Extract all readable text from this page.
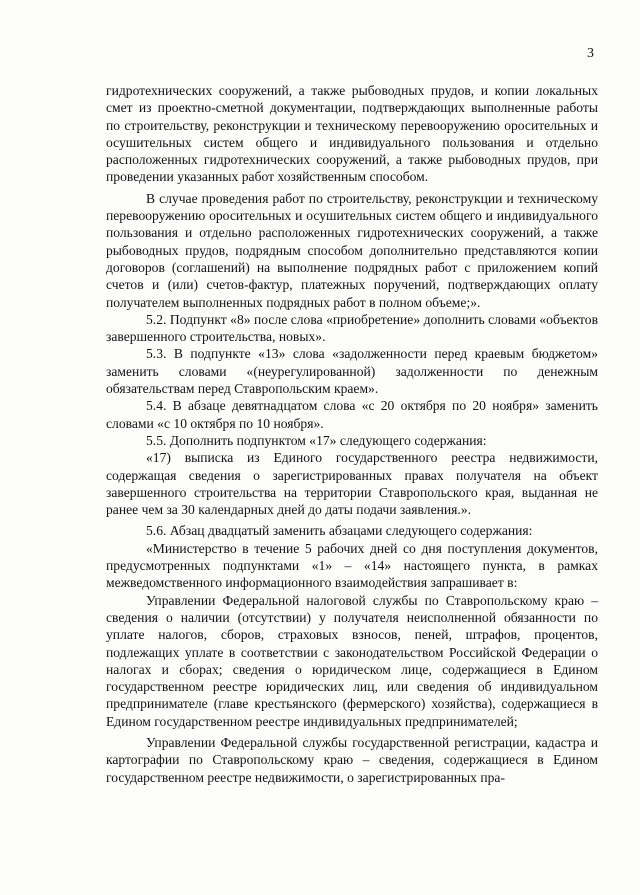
3

гидротехнических сооружений, а также рыбоводных прудов, и копии локальных смет из проектно-сметной документации, подтверждающих выполненные работы по строительству, реконструкции и техническому перевооружению оросительных и осушительных систем общего и индивидуального пользования и отдельно расположенных гидротехнических сооружений, а также рыбоводных прудов, при проведении указанных работ хозяйственным способом.

В случае проведения работ по строительству, реконструкции и техническому перевооружению оросительных и осушительных систем общего и индивидуального пользования и отдельно расположенных гидротехнических сооружений, а также рыбоводных прудов, подрядным способом дополнительно представляются копии договоров (соглашений) на выполнение подрядных работ с приложением копий счетов и (или) счетов-фактур, платежных поручений, подтверждающих оплату получателем выполненных подрядных работ в полном объеме;».

5.2. Подпункт «8» после слова «приобретение» дополнить словами «объектов завершенного строительства, новых».

5.3. В подпункте «13» слова «задолженности перед краевым бюджетом» заменить словами «(неурегулированной) задолженности по денежным обязательствам перед Ставропольским краем».

5.4. В абзаце девятнадцатом слова «с 20 октября по 20 ноября» заменить словами «с 10 октября по 10 ноября».

5.5. Дополнить подпунктом «17» следующего содержания:

«17) выписка из Единого государственного реестра недвижимости, содержащая сведения о зарегистрированных правах получателя на объект завершенного строительства на территории Ставропольского края, выданная не ранее чем за 30 календарных дней до даты подачи заявления.».

5.6. Абзац двадцатый заменить абзацами следующего содержания:

«Министерство в течение 5 рабочих дней со дня поступления документов, предусмотренных подпунктами «1» – «14» настоящего пункта, в рамках межведомственного информационного взаимодействия запрашивает в:

Управлении Федеральной налоговой службы по Ставропольскому краю – сведения о наличии (отсутствии) у получателя неисполненной обязанности по уплате налогов, сборов, страховых взносов, пеней, штрафов, процентов, подлежащих уплате в соответствии с законодательством Российской Федерации о налогах и сборах; сведения о юридическом лице, содержащиеся в Едином государственном реестре юридических лиц, или сведения об индивидуальном предпринимателе (главе крестьянского (фермерского) хозяйства), содержащиеся в Едином государственном реестре индивидуальных предпринимателей;

Управлении Федеральной службы государственной регистрации, кадастра и картографии по Ставропольскому краю – сведения, содержащиеся в Едином государственном реестре недвижимости, о зарегистрированных пра-
